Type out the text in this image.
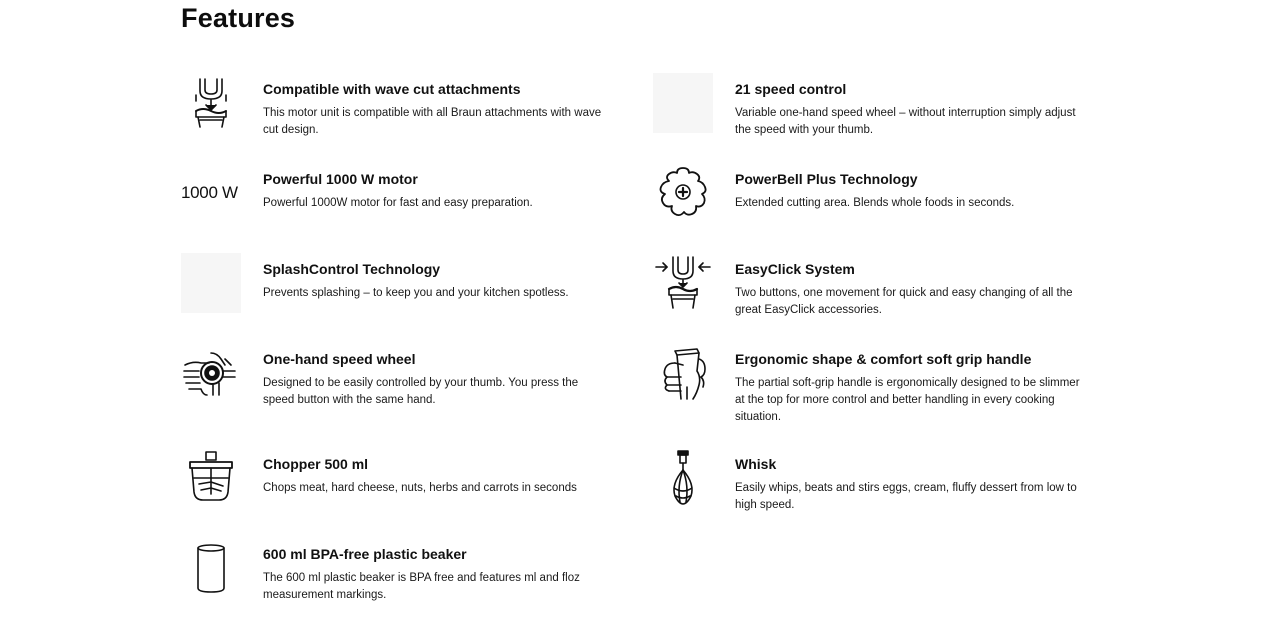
Features
Compatible with wave cut attachments

This motor unit is compatible with all Braun attachments with wave cut design.

1000 W
Powerful 1000 W motor

Powerful 1000W motor for fast and easy preparation.

SplashControl Technology

Prevents splashing – to keep you and your kitchen spotless.

One-hand speed wheel

Designed to be easily controlled by your thumb. You press the speed button with the same hand.

Chopper 500 ml

Chops meat, hard cheese, nuts, herbs and carrots in seconds

600 ml BPA-free plastic beaker

The 600 ml plastic beaker is BPA free and features ml and floz measurement markings.

21 speed control

Variable one-hand speed wheel – without interruption simply adjust the speed with your thumb.

PowerBell Plus Technology

Extended cutting area. Blends whole foods in seconds.

EasyClick System

Two buttons, one movement for quick and easy changing of all the great EasyClick accessories.

Ergonomic shape & comfort soft grip handle

The partial soft-grip handle is ergonomically designed to be slimmer at the top for more control and better handling in every cooking situation.

Whisk

Easily whips, beats and stirs eggs, cream, fluffy dessert from low to high speed.
